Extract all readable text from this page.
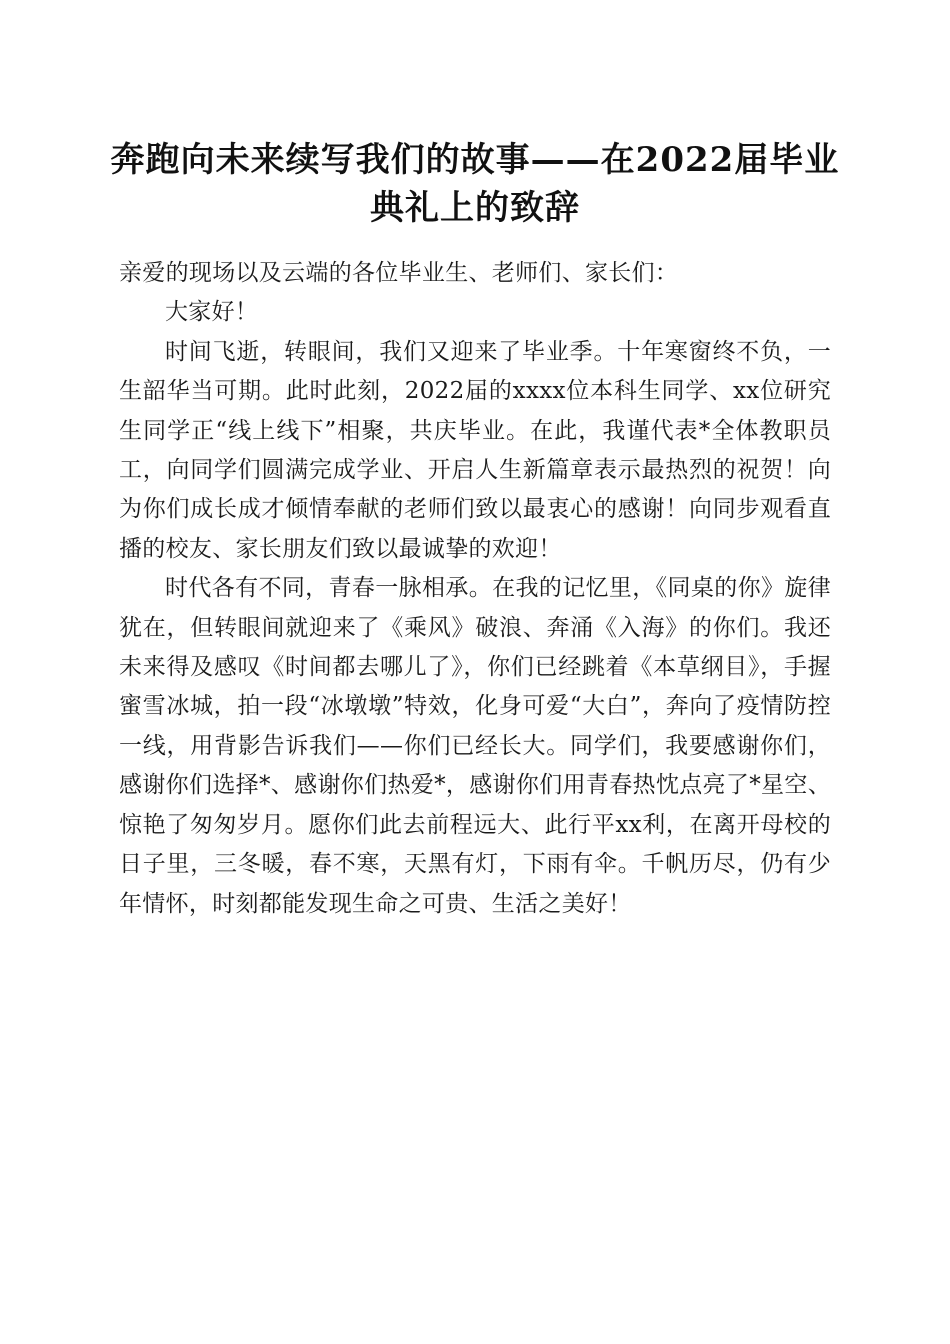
奔跑向未来续写我们的故事——在2022届毕业典礼上的致辞

亲爱的现场以及云端的各位毕业生、老师们、家长们：

大家好！

时间飞逝，转眼间，我们又迎来了毕业季。十年寒窗终不负，一生韶华当可期。此时此刻，2022届的xxxx位本科生同学、xx位研究生同学正“线上线下”相聚，共庆毕业。在此，我谨代表*全体教职员工，向同学们圆满完成学业、开启人生新篇章表示最热烈的祝贺！向为你们成长成才倾情奉献的老师们致以最衷心的感谢！向同步观看直播的校友、家长朋友们致以最诚挚的欢迎！

时代各有不同，青春一脉相承。在我的记忆里，《同桌的你》旋律犹在，但转眼间就迎来了《乘风》破浪、奔涌《入海》的你们。我还未来得及感叹《时间都去哪儿了》，你们已经跳着《本草纲目》，手握蜜雪冰城，拍一段“冰墩墩”特效，化身可爱“大白”，奔向了疫情防控一线，用背影告诉我们——你们已经长大。同学们，我要感谢你们，感谢你们选择*、感谢你们热爱*，感谢你们用青春热忱点亮了*星空、惊艳了匆匆岁月。愿你们此去前程远大、此行平xx利，在离开母校的日子里，三冬暖，春不寒，天黑有灯，下雨有伞。千帆历尽，仍有少年情怀，时刻都能发现生命之可贵、生活之美好！
